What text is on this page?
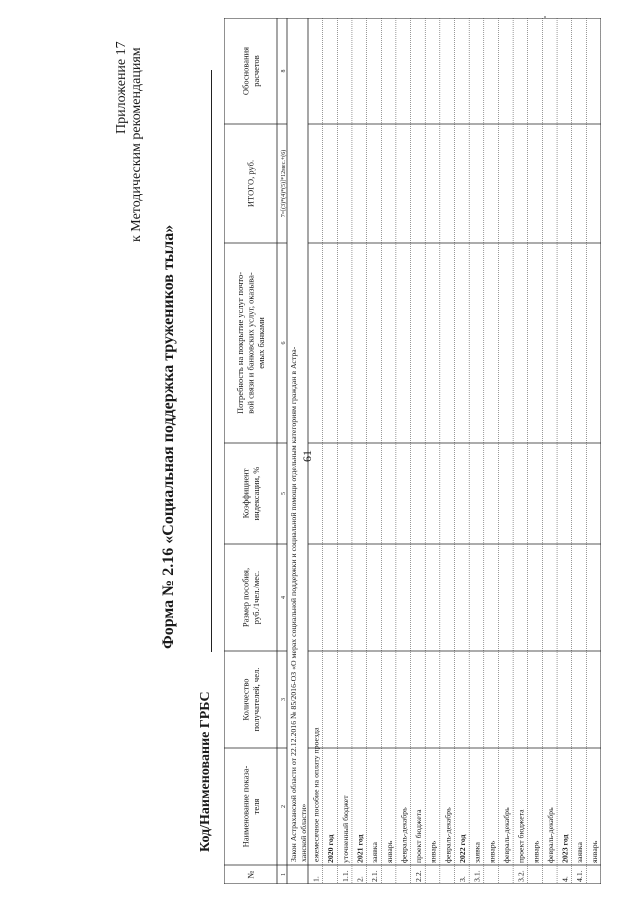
61
Приложение 17 к Методическим рекомендациям
Форма № 2.16 «Социальная поддержка тружеников тыла»
Код/Наименование ГРБС
№
Наименование показа- теля
Количество получателей, чел.
Размер пособия, руб./1чел./мес.
Коэффициент индексации, %
Потребность на покрытие услуг почто- вой связи и банковских услуг, оказыва- емых банками
ИТОГО, руб.
Обоснования расчетов
1
2
3
4
5
6
7=[(3)*(4)*(5)]*12мес.+(6)
8
Закон Астраханской области от 22.12.2016 № 85/2016-ОЗ «О мерах социальной поддержки и социальной помощи отдельным категориям граждан в Астра- ханской области»
1.
ежемесячное пособие на оплату проезда 2020 год
1.1.
уточненный бюджет
2.
2021 год
2.1.
заявка январь февраль-декабрь
2.2.
проект бюджета январь февраль-декабрь
3.
2022 год
3.1.
заявка январь февраль-декабрь
3.2.
проект бюджета январь февраль-декабрь
4.
2023 год
4.1.
заявка январь
